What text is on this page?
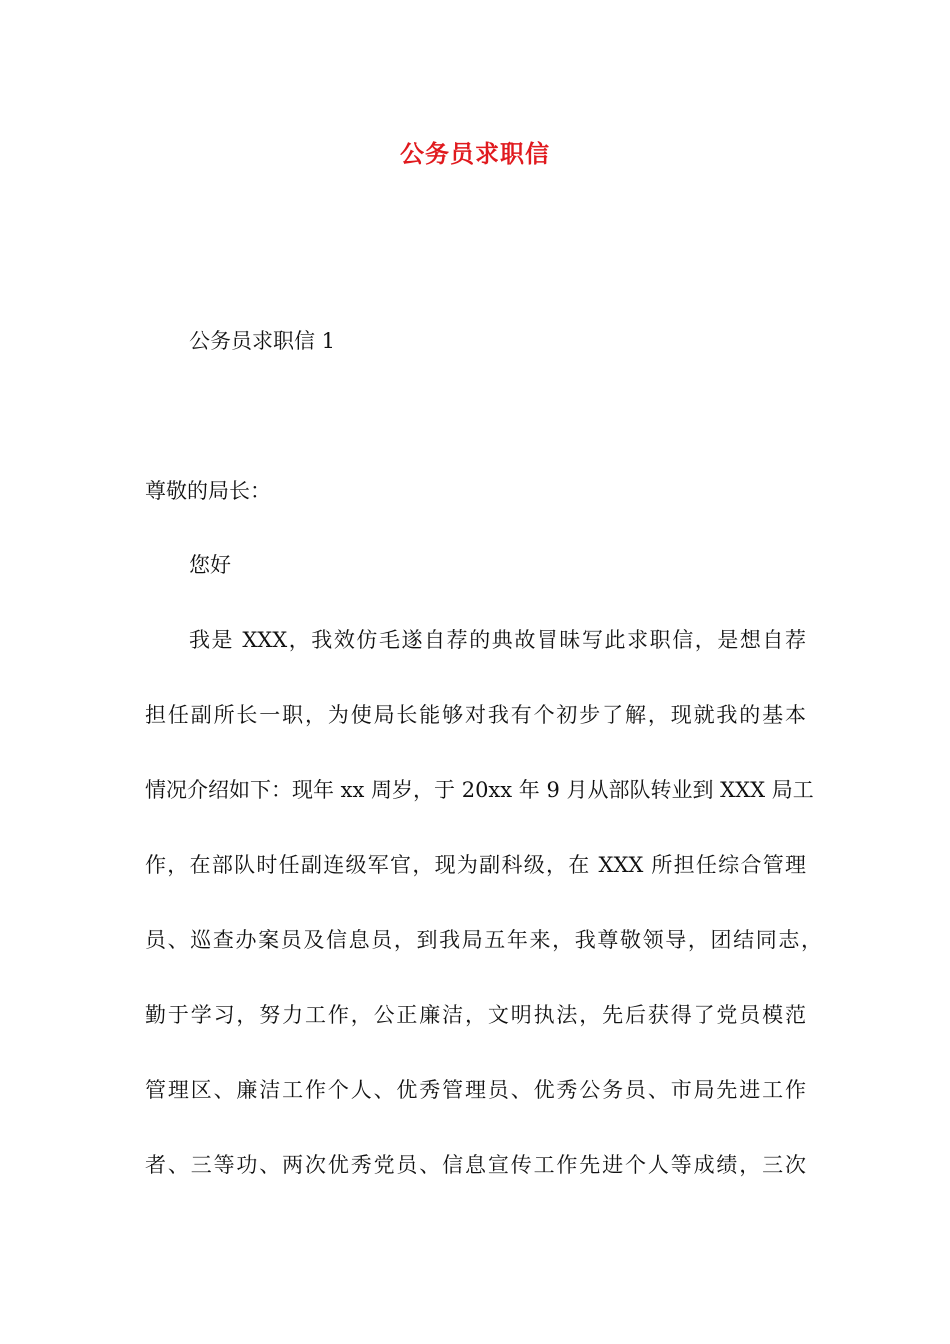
公务员求职信
公务员求职信 1
尊敬的局长：
您好
我是 XXX，我效仿毛遂自荐的典故冒昧写此求职信，是想自荐
担任副所长一职，为使局长能够对我有个初步了解，现就我的基本
情况介绍如下：现年 xx 周岁，于 20xx 年 9 月从部队转业到 XXX 局工
作，在部队时任副连级军官，现为副科级，在 XXX 所担任综合管理
员、巡查办案员及信息员，到我局五年来，我尊敬领导，团结同志，
勤于学习，努力工作，公正廉洁，文明执法，先后获得了党员模范
管理区、廉洁工作个人、优秀管理员、优秀公务员、市局先进工作
者、三等功、两次优秀党员、信息宣传工作先进个人等成绩，三次
